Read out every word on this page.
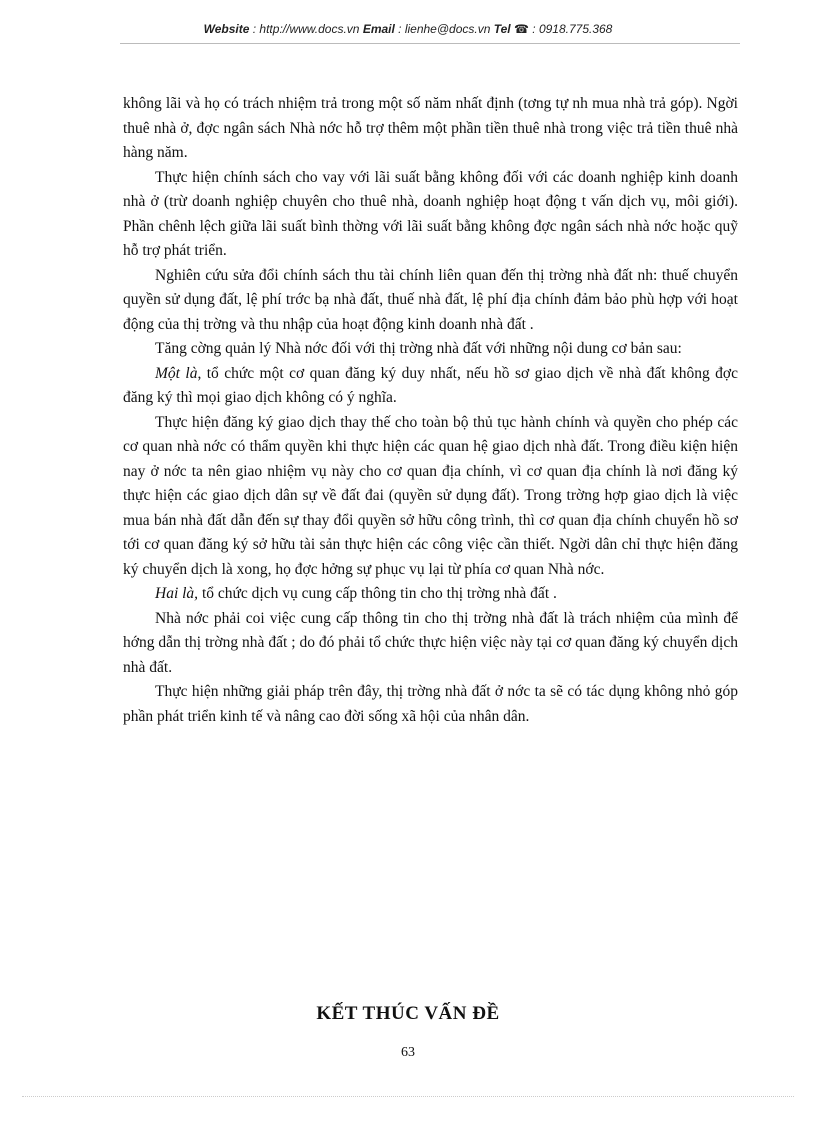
Website : http://www.docs.vn Email : lienhe@docs.vn Tel ☎ : 0918.775.368

không lãi và họ có trách nhiệm trả trong một số năm nhất định (tơng tự nh mua nhà trả góp). Ngời thuê nhà ở, đợc ngân sách Nhà nớc hỗ trợ thêm một phần tiền thuê nhà trong việc trả tiền thuê nhà hàng năm.

Thực hiện chính sách cho vay với lãi suất bằng không đối với các doanh nghiệp kinh doanh nhà ở (trừ doanh nghiệp chuyên cho thuê nhà, doanh nghiệp hoạt động t vấn dịch vụ, môi giới). Phần chênh lệch giữa lãi suất bình thờng với lãi suất bằng không đợc ngân sách nhà nớc hoặc quỹ hỗ trợ phát triển.

Nghiên cứu sửa đổi chính sách thu tài chính liên quan đến thị trờng nhà đất nh: thuế chuyển quyền sử dụng đất, lệ phí trớc bạ nhà đất, thuế nhà đất, lệ phí địa chính đảm bảo phù hợp với hoạt động của thị trờng và thu nhập của hoạt động kinh doanh nhà đất .

Tăng cờng quản lý Nhà nớc đối với thị trờng nhà đất với những nội dung cơ bản sau:

Một là, tổ chức một cơ quan đăng ký duy nhất, nếu hồ sơ giao dịch về nhà đất không đợc đăng ký thì mọi giao dịch không có ý nghĩa.

Thực hiện đăng ký giao dịch thay thế cho toàn bộ thủ tục hành chính và quyền cho phép các cơ quan nhà nớc có thẩm quyền khi thực hiện các quan hệ giao dịch nhà đất. Trong điều kiện hiện nay ở nớc ta nên giao nhiệm vụ này cho cơ quan địa chính, vì cơ quan địa chính là nơi đăng ký thực hiện các giao dịch dân sự về đất đai (quyền sử dụng đất). Trong trờng hợp giao dịch là việc mua bán nhà đất dẫn đến sự thay đổi quyền sở hữu công trình, thì cơ quan địa chính chuyển hồ sơ tới cơ quan đăng ký sở hữu tài sản thực hiện các công việc cần thiết. Ngời dân chỉ thực hiện đăng ký chuyển dịch là xong, họ đợc hởng sự phục vụ lại từ phía cơ quan Nhà nớc.

Hai là, tổ chức dịch vụ cung cấp thông tin cho thị trờng nhà đất .

Nhà nớc phải coi việc cung cấp thông tin cho thị trờng nhà đất là trách nhiệm của mình để hớng dẫn thị trờng nhà đất ; do đó phải tổ chức thực hiện việc này tại cơ quan đăng ký chuyển dịch nhà đất.

Thực hiện những giải pháp trên đây, thị trờng nhà đất ở nớc ta sẽ có tác dụng không nhỏ góp phần phát triển kinh tế và nâng cao đời sống xã hội của nhân dân.

KẾT THÚC VẤN ĐỀ
63
